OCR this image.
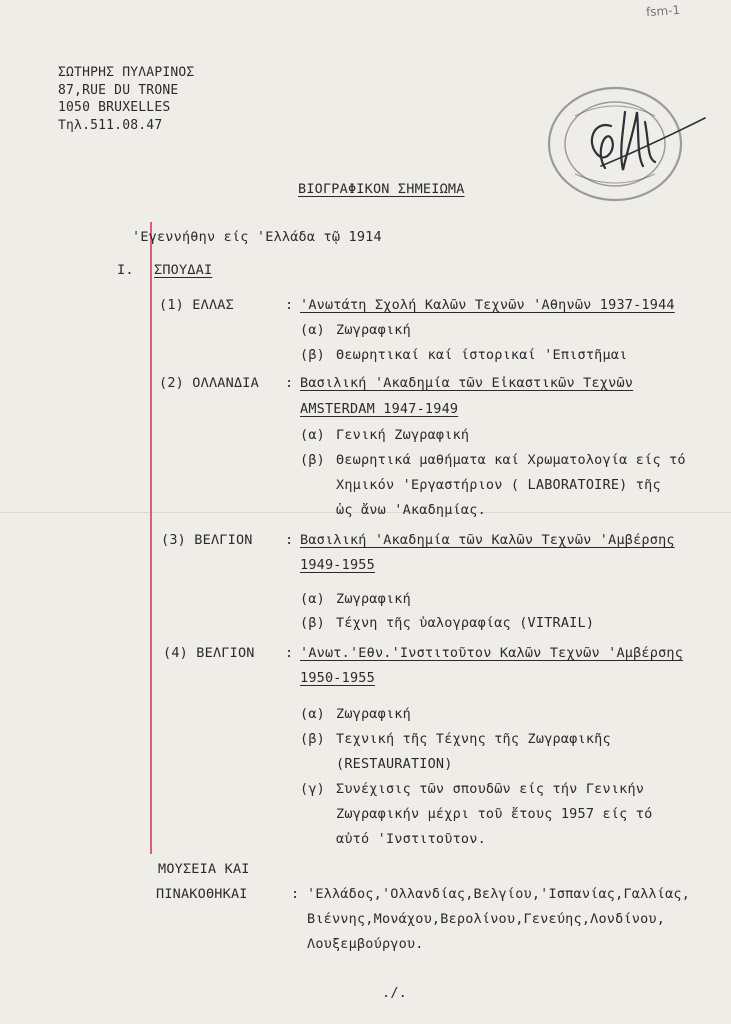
fsm-1
ΣΩΤΗΡΗΣ ΠΥΛΑΡΙΝΟΣ
87,RUE DU TRONE
1050 BRUXELLES
Τηλ.511.08.47
ΒΙΟΓΡΑΦΙΚΟΝ ΣΗΜΕΙΩΜΑ
'Εγεννήθην είς 'Ελλάδα τῷ 1914
Ι. ΣΠΟΥΔΑΙ
(1) ΕΛΛΑΣ	: 'Ανωτάτη Σχολή Καλῶν Τεχνῶν 'Αθηνῶν 1937-1944
(α) Ζωγραφική
(β) Θεωρητικαί καί ίστορικαί 'Επιστῆμαι
(2) ΟΛΛΑΝΔΙΑ : Βασιλική 'Ακαδημία τῶν Εἰκαστικῶν Τεχνῶν
AMSTERDAM 1947-1949
(α) Γενική Ζωγραφική
(β) Θεωρητικά μαθήματα καί Χρωματολογία είς τό
Χημικόν 'Εργαστήριον ( LABORATOIRE) τῆς
ὡς ἄνω 'Ακαδημίας.
(3) ΒΕΛΓΙΟΝ : Βασιλική 'Ακαδημία τῶν Καλῶν Τεχνῶν 'Αμβέρσης
1949-1955
(α) Ζωγραφική
(β) Τέχνη τῆς ὑαλογραφίας (VITRAIL)
(4) ΒΕΛΓΙΟΝ : 'Ανωτ.'Εθν.'Ινστιτοῦτον Καλῶν Τεχνῶν 'Αμβέρσης
1950-1955
(α) Ζωγραφική
(β) Τεχνική τῆς Τέχνης τῆς Ζωγραφικῆς
(RESTAURATION)
(γ) Συνέχισις τῶν σπουδῶν είς τήν Γενικήν
Ζωγραφικήν μέχρι τοῦ ἔτους 1957 είς τό
αὐτό 'Ινστιτοῦτον.
ΜΟΥΣΕΙΑ ΚΑΙ
ΠΙΝΑΚΟΘΗΚΑΙ	: 'Ελλάδος,'Ολλανδίας,Βελγίου,'Ισπανίας,Γαλλίας,
Βιέννης,Μονάχου,Βερολίνου,Γενεύης,Λονδίνου,
Λουξεμβούργου.
./.
